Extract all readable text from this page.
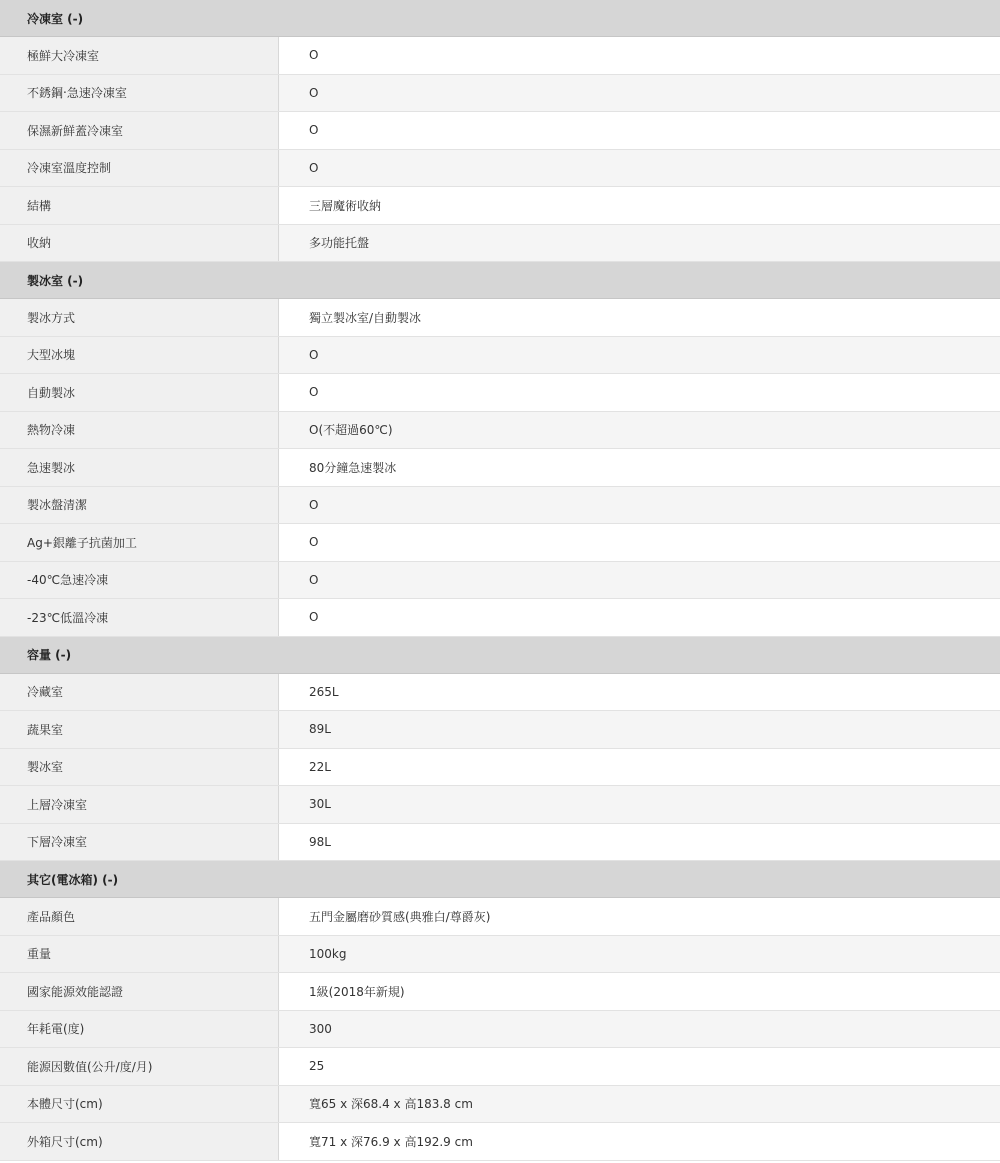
冷凍室 (-)
極鮮大冷凍室	O
不銹鋼‧急速冷凍室	O
保濕新鮮蓋冷凍室	O
冷凍室溫度控制	O
結構	三層魔術收納
收納	多功能托盤
製冰室 (-)
製冰方式	獨立製冰室/自動製冰
大型冰塊	O
自動製冰	O
熱物冷凍	O(不超過60℃)
急速製冰	80分鐘急速製冰
製冰盤清潔	O
Ag+銀離子抗菌加工	O
-40℃急速冷凍	O
-23℃低溫冷凍	O
容量 (-)
冷藏室	265L
蔬果室	89L
製冰室	22L
上層冷凍室	30L
下層冷凍室	98L
其它(電冰箱) (-)
產品顏色	五門金屬磨砂質感(典雅白/尊爵灰)
重量	100kg
國家能源效能認證	1級(2018年新規)
年耗電(度)	300
能源因數值(公升/度/月)	25
本體尺寸(cm)	寬65 x 深68.4 x 高183.8 cm
外箱尺寸(cm)	寬71 x 深76.9 x 高192.9 cm
